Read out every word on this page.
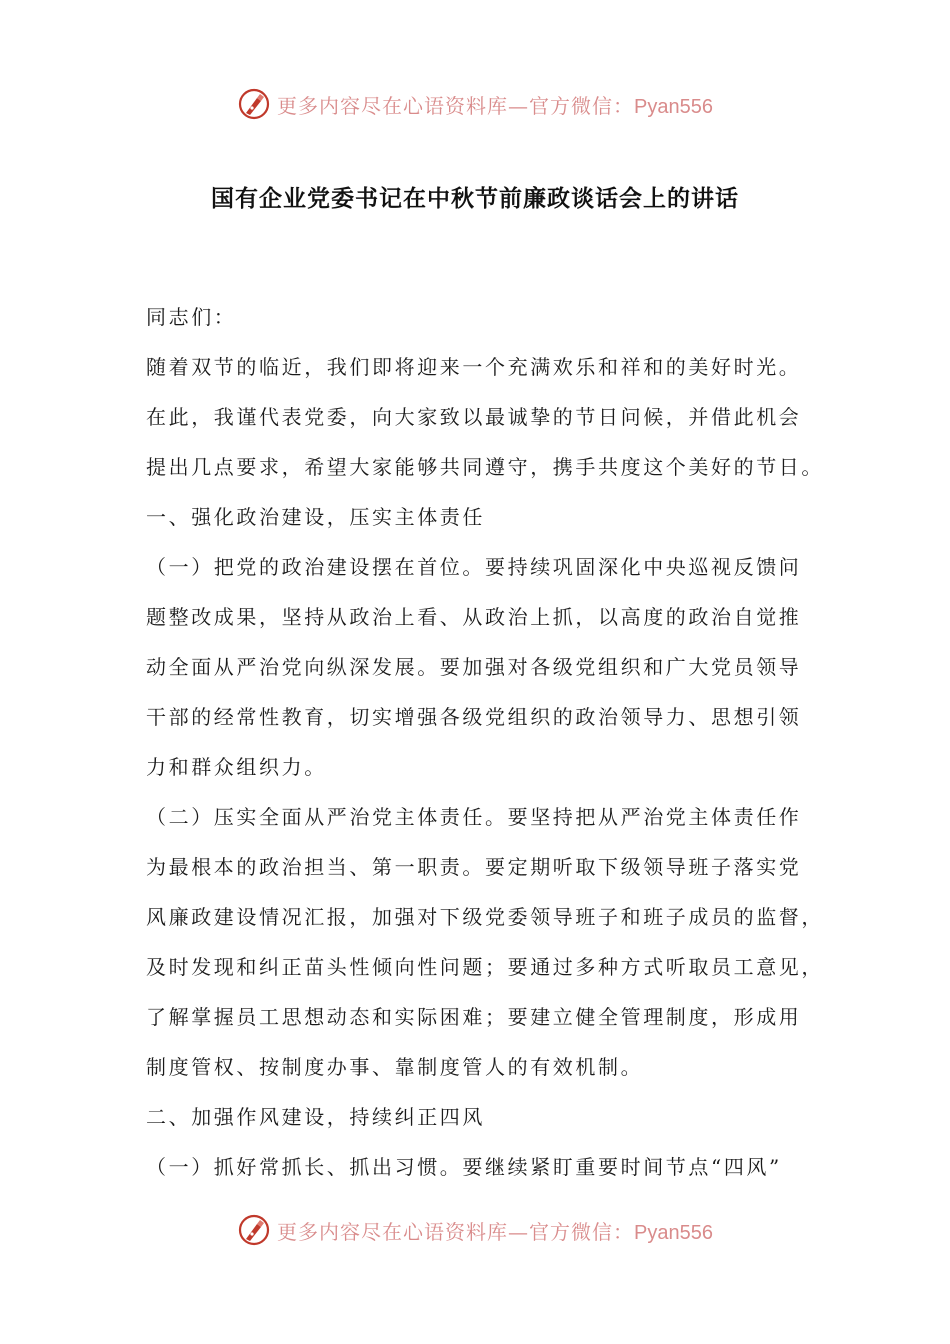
更多内容尽在心语资料库—官方微信：Pyan556
国有企业党委书记在中秋节前廉政谈话会上的讲话
同志们：
随着双节的临近，我们即将迎来一个充满欢乐和祥和的美好时光。
在此，我谨代表党委，向大家致以最诚挚的节日问候，并借此机会
提出几点要求，希望大家能够共同遵守，携手共度这个美好的节日。
一、强化政治建设，压实主体责任
（一）把党的政治建设摆在首位。要持续巩固深化中央巡视反馈问
题整改成果，坚持从政治上看、从政治上抓，以高度的政治自觉推
动全面从严治党向纵深发展。要加强对各级党组织和广大党员领导
干部的经常性教育，切实增强各级党组织的政治领导力、思想引领
力和群众组织力。
（二）压实全面从严治党主体责任。要坚持把从严治党主体责任作
为最根本的政治担当、第一职责。要定期听取下级领导班子落实党
风廉政建设情况汇报，加强对下级党委领导班子和班子成员的监督，
及时发现和纠正苗头性倾向性问题；要通过多种方式听取员工意见，
了解掌握员工思想动态和实际困难；要建立健全管理制度，形成用
制度管权、按制度办事、靠制度管人的有效机制。
二、加强作风建设，持续纠正四风
（一）抓好常抓长、抓出习惯。要继续紧盯重要时间节点“四风”
更多内容尽在心语资料库—官方微信：Pyan556
